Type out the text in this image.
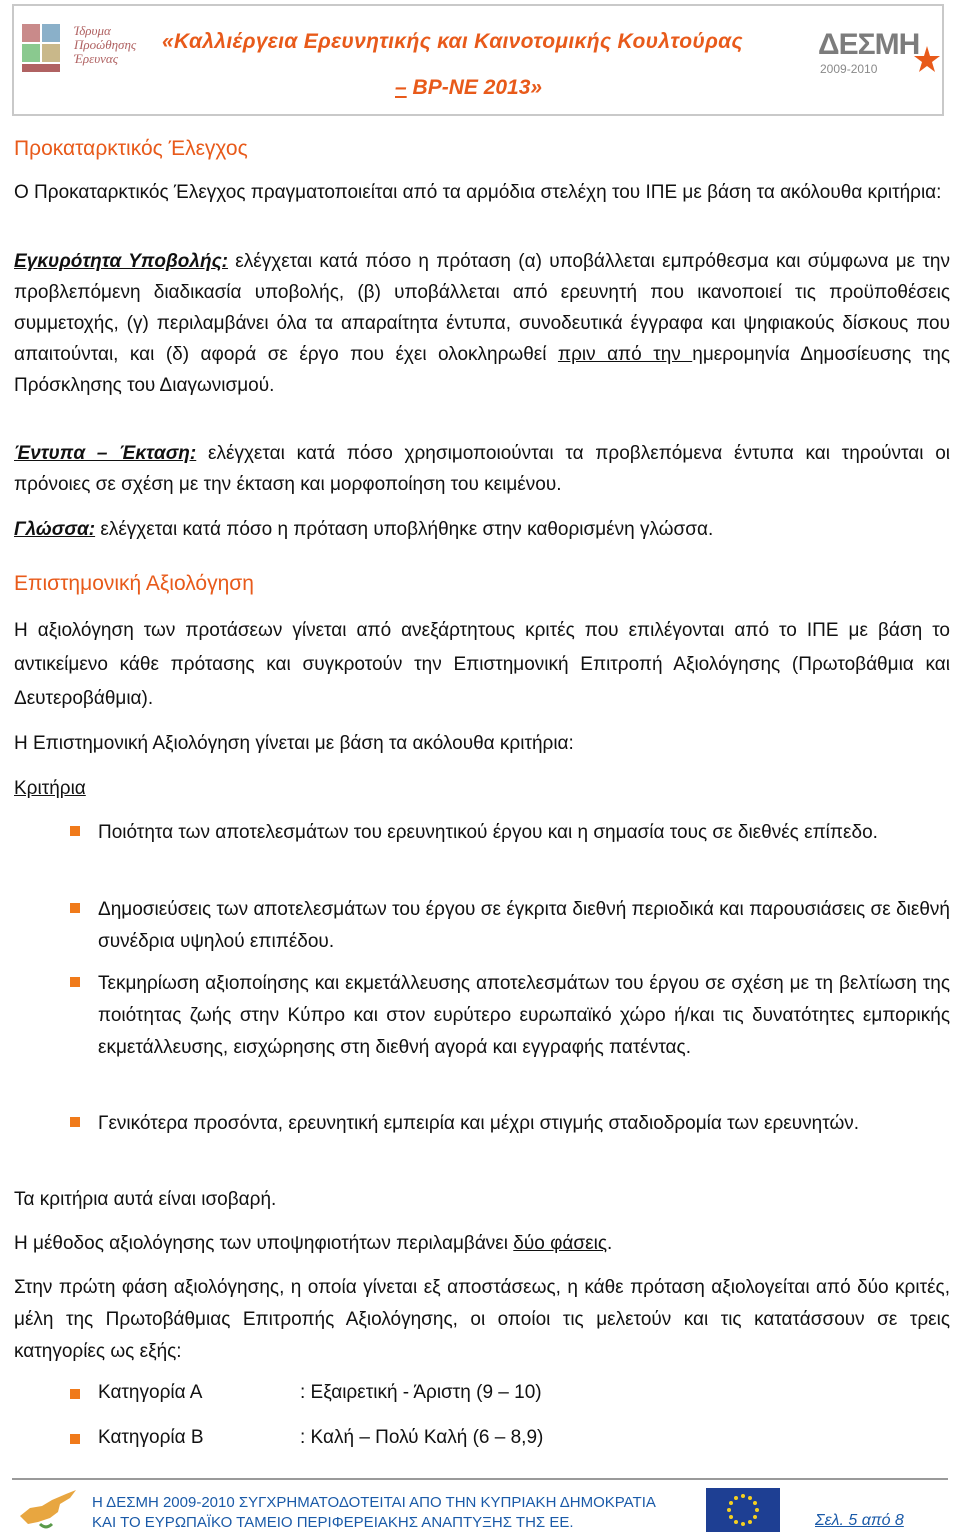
Ίδρυμα
Προώθησης
Έρευνας
«Καλλιέργεια Ερευνητικής και Καινοτομικής Κουλτούρας
– ΒΡ-ΝΕ 2013»
ΔΕΣΜΗ
2009-2010
Προκαταρκτικός Έλεγχος
Ο Προκαταρκτικός Έλεγχος πραγματοποιείται από τα αρμόδια στελέχη του ΙΠΕ με βάση τα ακόλουθα κριτήρια:
Εγκυρότητα Υποβολής: ελέγχεται κατά πόσο η πρόταση (α) υποβάλλεται εμπρόθεσμα και σύμφωνα με την προβλεπόμενη διαδικασία υποβολής, (β) υποβάλλεται από ερευνητή που ικανοποιεί τις προϋποθέσεις συμμετοχής, (γ) περιλαμβάνει όλα τα απαραίτητα έντυπα, συνοδευτικά έγγραφα και ψηφιακούς δίσκους που απαιτούνται, και (δ) αφορά σε έργο που έχει ολοκληρωθεί πριν από την ημερομηνία Δημοσίευσης της Πρόσκλησης του Διαγωνισμού.
Έντυπα – Έκταση: ελέγχεται κατά πόσο χρησιμοποιούνται τα προβλεπόμενα έντυπα και τηρούνται οι πρόνοιες σε σχέση με την έκταση και μορφοποίηση του κειμένου.
Γλώσσα: ελέγχεται κατά πόσο η πρόταση υποβλήθηκε στην καθορισμένη γλώσσα.
Επιστημονική Αξιολόγηση
Η αξιολόγηση των προτάσεων γίνεται από ανεξάρτητους κριτές που επιλέγονται από το ΙΠΕ με βάση το αντικείμενο κάθε πρότασης και συγκροτούν την Επιστημονική Επιτροπή Αξιολόγησης (Πρωτοβάθμια και Δευτεροβάθμια).
Η Επιστημονική Αξιολόγηση γίνεται με βάση τα ακόλουθα κριτήρια:
Κριτήρια
Ποιότητα των αποτελεσμάτων του ερευνητικού έργου και η σημασία τους σε διεθνές επίπεδο.
Δημοσιεύσεις των αποτελεσμάτων του έργου σε έγκριτα διεθνή περιοδικά και παρουσιάσεις σε διεθνή συνέδρια υψηλού επιπέδου.
Τεκμηρίωση αξιοποίησης και εκμετάλλευσης αποτελεσμάτων του έργου σε σχέση με τη βελτίωση της ποιότητας ζωής στην Κύπρο και στον ευρύτερο ευρωπαϊκό χώρο ή/και τις δυνατότητες εμπορικής εκμετάλλευσης, εισχώρησης στη διεθνή αγορά και εγγραφής πατέντας.
Γενικότερα προσόντα, ερευνητική εμπειρία και μέχρι στιγμής σταδιοδρομία των ερευνητών.
Τα κριτήρια αυτά είναι ισοβαρή.
Η μέθοδος αξιολόγησης των υποψηφιοτήτων περιλαμβάνει δύο φάσεις.
Στην πρώτη φάση αξιολόγησης, η οποία γίνεται εξ αποστάσεως, η κάθε πρόταση αξιολογείται από δύο κριτές, μέλη της Πρωτοβάθμιας Επιτροπής Αξιολόγησης, οι οποίοι τις μελετούν και τις κατατάσσουν σε τρεις κατηγορίες ως εξής:
Κατηγορία Α	: Εξαιρετική - Άριστη (9 – 10)
Κατηγορία Β	: Καλή – Πολύ Καλή (6 – 8,9)
Η ΔΕΣΜΗ 2009-2010 ΣΥΓΧΡΗΜΑΤΟΔΟΤΕΙΤΑΙ ΑΠΟ ΤΗΝ ΚΥΠΡΙΑΚΗ ΔΗΜΟΚΡΑΤΙΑ
ΚΑΙ ΤΟ ΕΥΡΩΠΑΪΚΟ ΤΑΜΕΙΟ ΠΕΡΙΦΕΡΕΙΑΚΗΣ ΑΝΑΠΤΥΞΗΣ ΤΗΣ ΕΕ.	Σελ. 5 από 8
